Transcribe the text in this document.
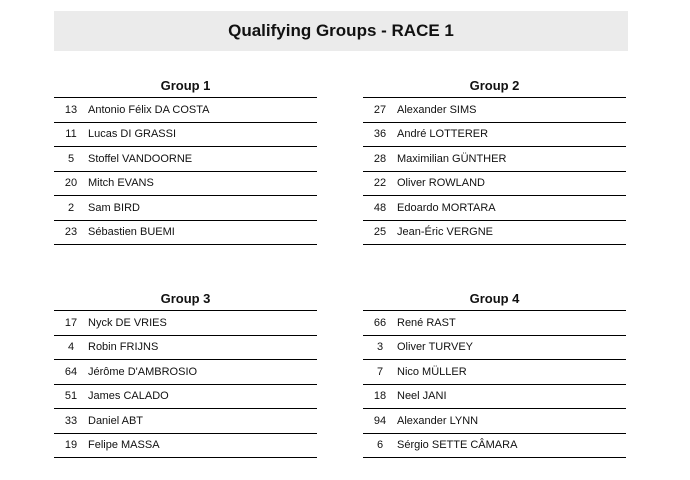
Qualifying Groups - RACE 1
Group 1
13 Antonio Félix DA COSTA
11	Lucas DI GRASSI
5	Stoffel VANDOORNE
20 Mitch EVANS
2	Sam BIRD
23 Sébastien BUEMI
Group 2
27 Alexander SIMS
36 André LOTTERER
28 Maximilian GÜNTHER
22 Oliver ROWLAND
48 Edoardo MORTARA
25 Jean-Éric VERGNE
Group 3
17 Nyck DE VRIES
4	Robin FRIJNS
64 Jérôme D'AMBROSIO
51 James CALADO
33 Daniel ABT
19 Felipe MASSA
Group 4
66 René RAST
3	Oliver TURVEY
7	Nico MÜLLER
18 Neel JANI
94 Alexander LYNN
6	Sérgio SETTE CÂMARA
